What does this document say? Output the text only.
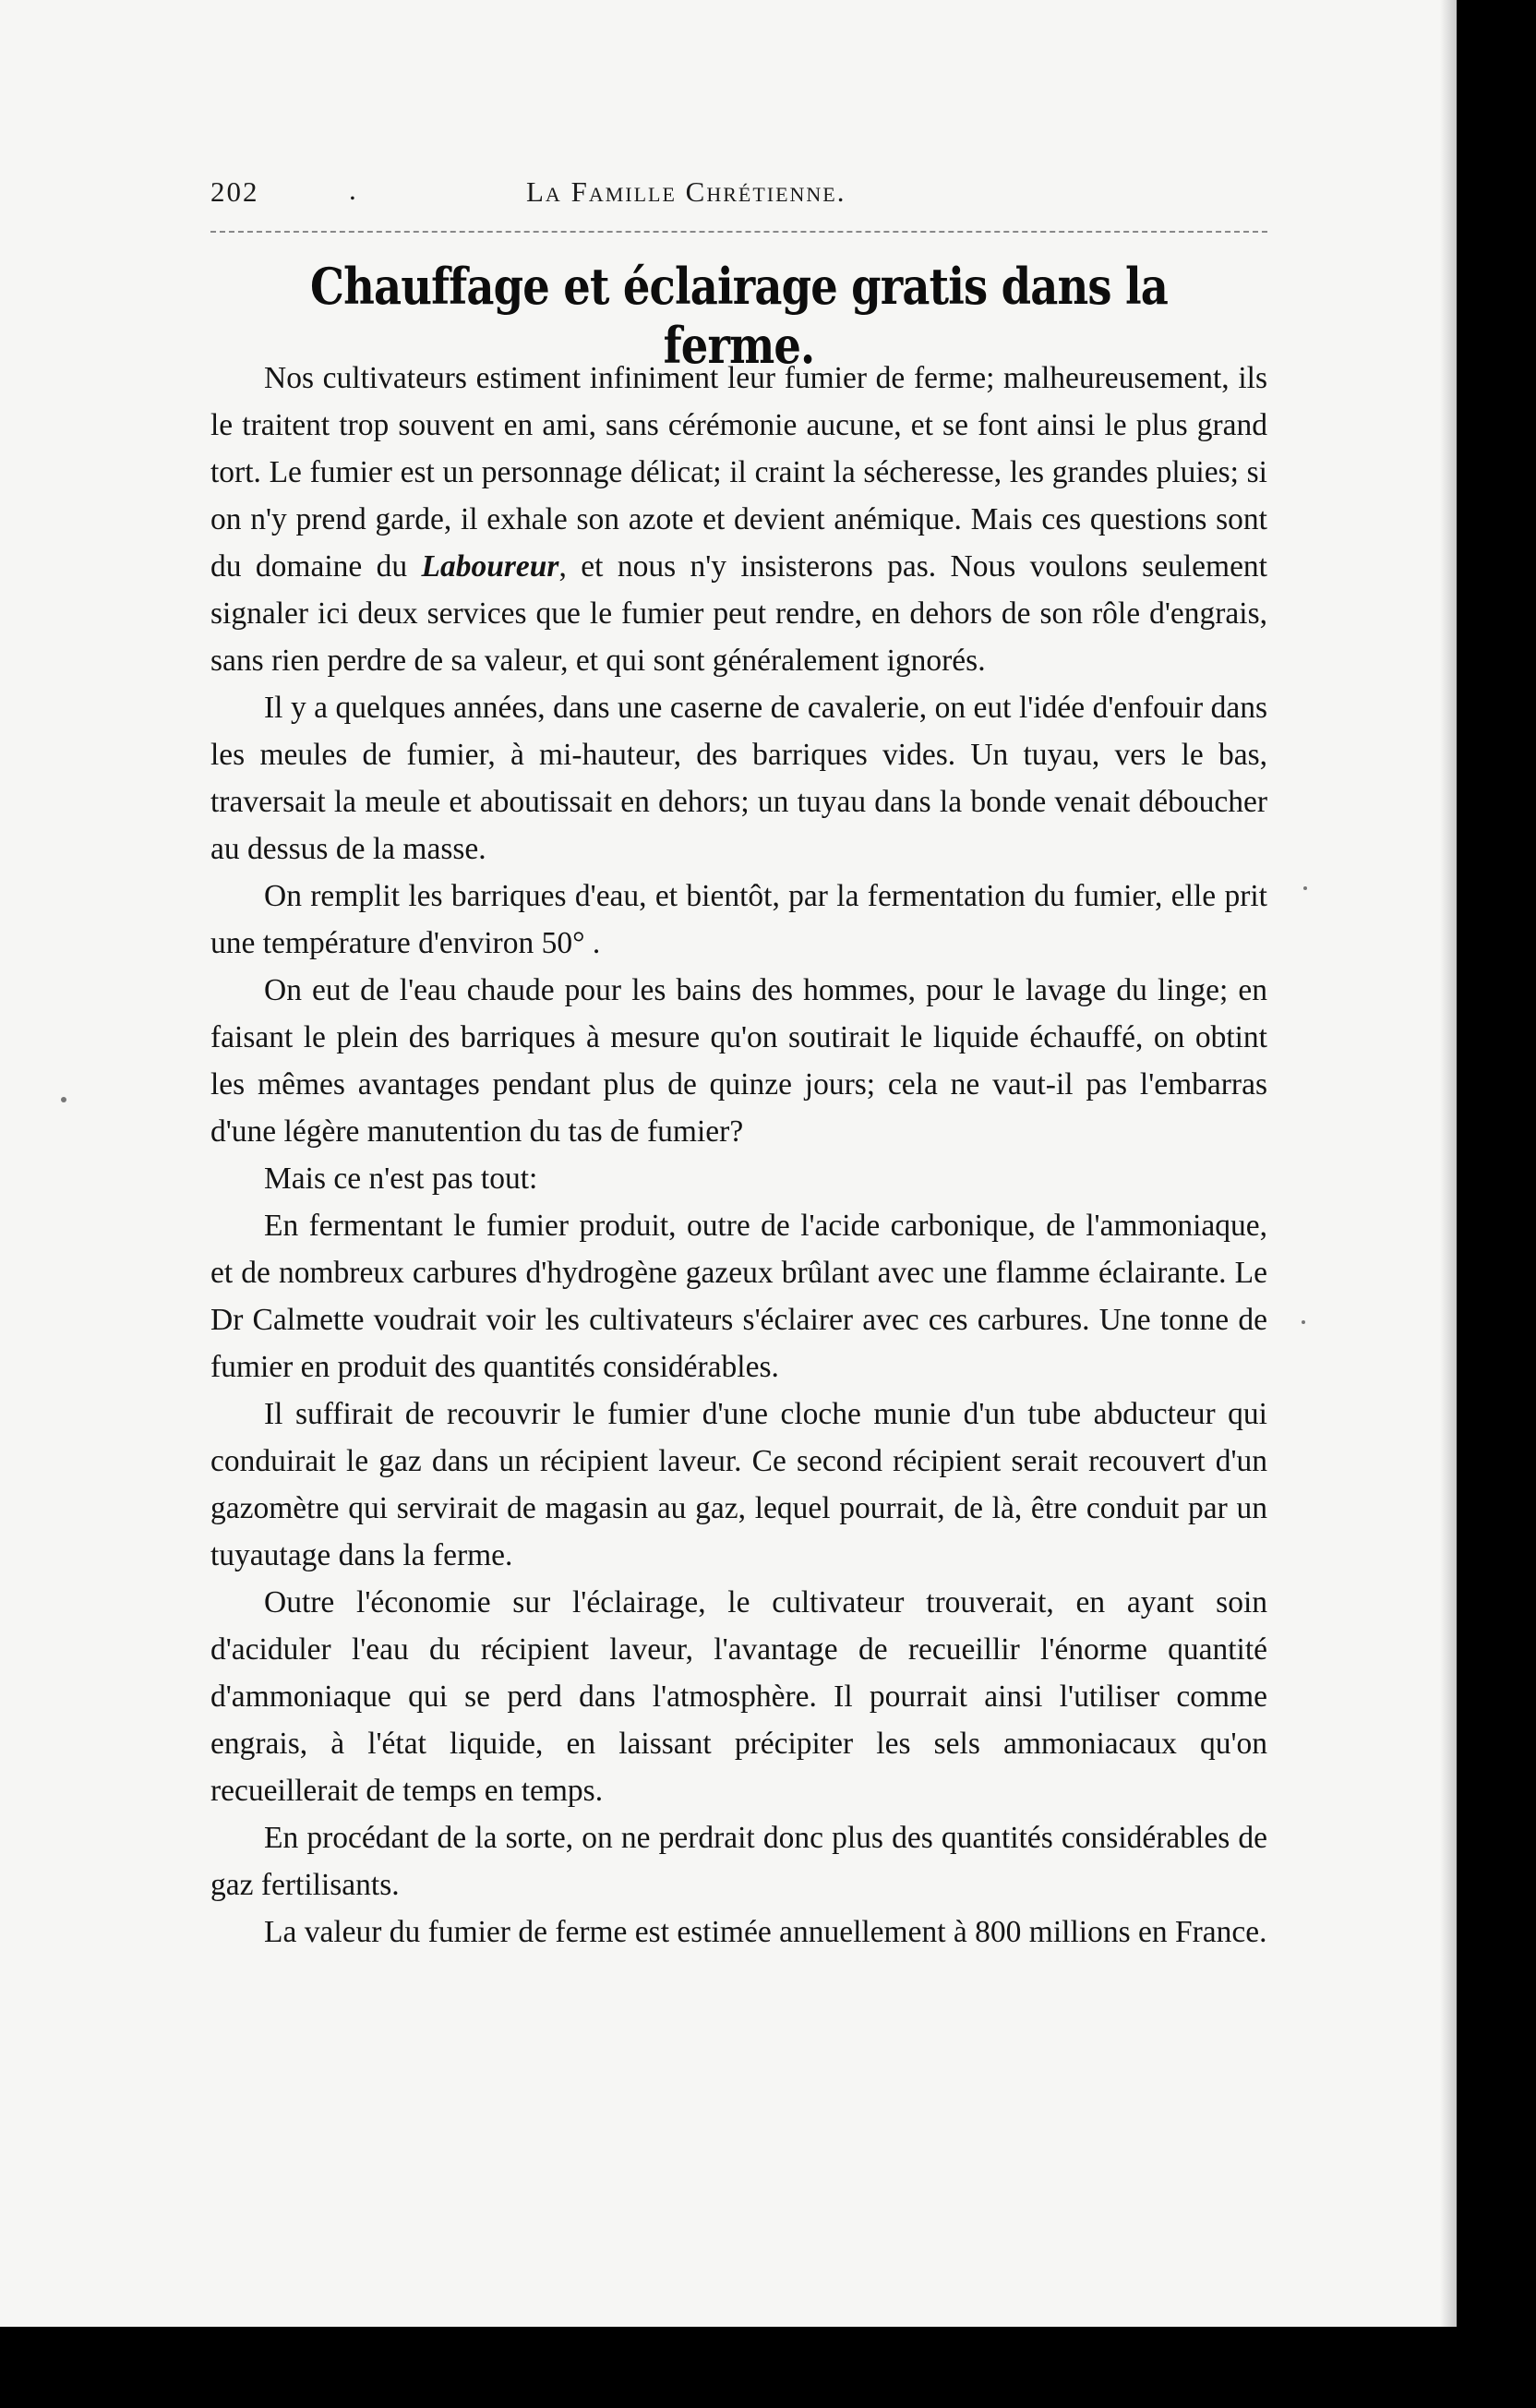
202	.	La Famille Chrétienne.
Chauffage et éclairage gratis dans la ferme.

Nos cultivateurs estiment infiniment leur fumier de ferme; malheureusement, ils le traitent trop souvent en ami, sans cérémonie aucune, et se font ainsi le plus grand tort. Le fumier est un personnage délicat; il craint la sécheresse, les grandes pluies; si on n'y prend garde, il exhale son azote et devient anémique. Mais ces questions sont du domaine du Laboureur, et nous n'y insisterons pas. Nous voulons seulement signaler ici deux services que le fumier peut rendre, en dehors de son rôle d'engrais, sans rien perdre de sa valeur, et qui sont généralement ignorés.

Il y a quelques années, dans une caserne de cavalerie, on eut l'idée d'enfouir dans les meules de fumier, à mi-hauteur, des barriques vides. Un tuyau, vers le bas, traversait la meule et aboutissait en dehors; un tuyau dans la bonde venait déboucher au dessus de la masse.

On remplit les barriques d'eau, et bientôt, par la fermentation du fumier, elle prit une température d'environ 50° .

On eut de l'eau chaude pour les bains des hommes, pour le lavage du linge; en faisant le plein des barriques à mesure qu'on soutirait le liquide échauffé, on obtint les mêmes avantages pendant plus de quinze jours; cela ne vaut-il pas l'embarras d'une légère manutention du tas de fumier?

Mais ce n'est pas tout:

En fermentant le fumier produit, outre de l'acide carbonique, de l'ammoniaque, et de nombreux carbures d'hydrogène gazeux brûlant avec une flamme éclairante. Le Dr Calmette voudrait voir les cultivateurs s'éclairer avec ces carbures. Une tonne de fumier en produit des quantités considérables.

Il suffirait de recouvrir le fumier d'une cloche munie d'un tube abducteur qui conduirait le gaz dans un récipient laveur. Ce second récipient serait recouvert d'un gazomètre qui servirait de magasin au gaz, lequel pourrait, de là, être conduit par un tuyautage dans la ferme.

Outre l'économie sur l'éclairage, le cultivateur trouverait, en ayant soin d'aciduler l'eau du récipient laveur, l'avantage de recueillir l'énorme quantité d'ammoniaque qui se perd dans l'atmosphère. Il pourrait ainsi l'utiliser comme engrais, à l'état liquide, en laissant précipiter les sels ammoniacaux qu'on recueillerait de temps en temps.

En procédant de la sorte, on ne perdrait donc plus des quantités considérables de gaz fertilisants.

La valeur du fumier de ferme est estimée annuellement à 800 millions en France.
